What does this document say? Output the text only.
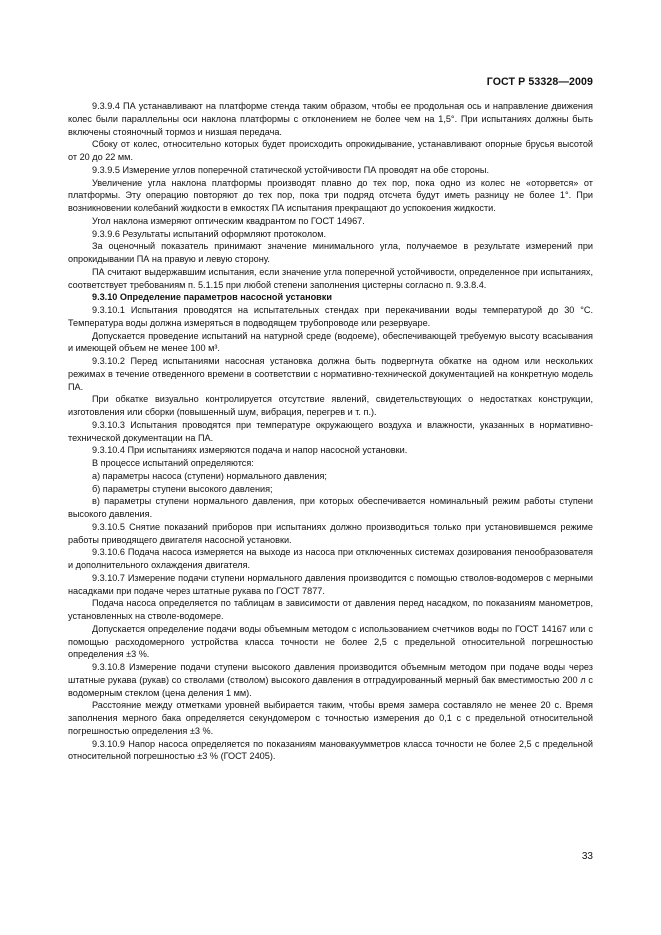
ГОСТ Р 53328—2009

9.3.9.4 ПА устанавливают на платформе стенда таким образом, чтобы ее продольная ось и направление движения колес были параллельны оси наклона платформы с отклонением не более чем на 1,5°. При испытаниях должны быть включены стояночный тормоз и низшая передача.

Сбоку от колес, относительно которых будет происходить опрокидывание, устанавливают опорные брусья высотой от 20 до 22 мм.

9.3.9.5 Измерение углов поперечной статической устойчивости ПА проводят на обе стороны.

Увеличение угла наклона платформы производят плавно до тех пор, пока одно из колес не «оторвется» от платформы. Эту операцию повторяют до тех пор, пока три подряд отсчета будут иметь разницу не более 1°. При возникновении колебаний жидкости в емкостях ПА испытания прекращают до успокоения жидкости.

Угол наклона измеряют оптическим квадрантом по ГОСТ 14967.

9.3.9.6 Результаты испытаний оформляют протоколом.

За оценочный показатель принимают значение минимального угла, получаемое в результате измерений при опрокидывании ПА на правую и левую сторону.

ПА считают выдержавшим испытания, если значение угла поперечной устойчивости, определенное при испытаниях, соответствует требованиям п. 5.1.15 при любой степени заполнения цистерны согласно п. 9.3.8.4.

9.3.10 Определение параметров насосной установки

9.3.10.1 Испытания проводятся на испытательных стендах при перекачивании воды температурой до 30 °С. Температура воды должна измеряться в подводящем трубопроводе или резервуаре.

Допускается проведение испытаний на натурной среде (водоеме), обеспечивающей требуемую высоту всасывания и имеющей объем не менее 100 м³.

9.3.10.2 Перед испытаниями насосная установка должна быть подвергнута обкатке на одном или нескольких режимах в течение отведенного времени в соответствии с нормативно-технической документацией на конкретную модель ПА.

При обкатке визуально контролируется отсутствие явлений, свидетельствующих о недостатках конструкции, изготовления или сборки (повышенный шум, вибрация, перегрев и т. п.).

9.3.10.3 Испытания проводятся при температуре окружающего воздуха и влажности, указанных в нормативно-технической документации на ПА.

9.3.10.4 При испытаниях измеряются подача и напор насосной установки.

В процессе испытаний определяются:

а) параметры насоса (ступени) нормального давления;

б) параметры ступени высокого давления;

в) параметры ступени нормального давления, при которых обеспечивается номинальный режим работы ступени высокого давления.

9.3.10.5 Снятие показаний приборов при испытаниях должно производиться только при установившемся режиме работы приводящего двигателя насосной установки.

9.3.10.6 Подача насоса измеряется на выходе из насоса при отключенных системах дозирования пенообразователя и дополнительного охлаждения двигателя.

9.3.10.7 Измерение подачи ступени нормального давления производится с помощью стволов-водомеров с мерными насадками при подаче через штатные рукава по ГОСТ 7877.

Подача насоса определяется по таблицам в зависимости от давления перед насадком, по показаниям манометров, установленных на стволе-водомере.

Допускается определение подачи воды объемным методом с использованием счетчиков воды по ГОСТ 14167 или с помощью расходомерного устройства класса точности не более 2,5 с предельной относительной погрешностью определения ±3 %.

9.3.10.8 Измерение подачи ступени высокого давления производится объемным методом при подаче воды через штатные рукава (рукав) со стволами (стволом) высокого давления в отградуированный мерный бак вместимостью 200 л с водомерным стеклом (цена деления 1 мм).

Расстояние между отметками уровней выбирается таким, чтобы время замера составляло не менее 20 с. Время заполнения мерного бака определяется секундомером с точностью измерения до 0,1 с с предельной относительной погрешностью определения ±3 %.

9.3.10.9 Напор насоса определяется по показаниям мановакуумметров класса точности не более 2,5 с предельной относительной погрешностью ±3 % (ГОСТ 2405).

33
